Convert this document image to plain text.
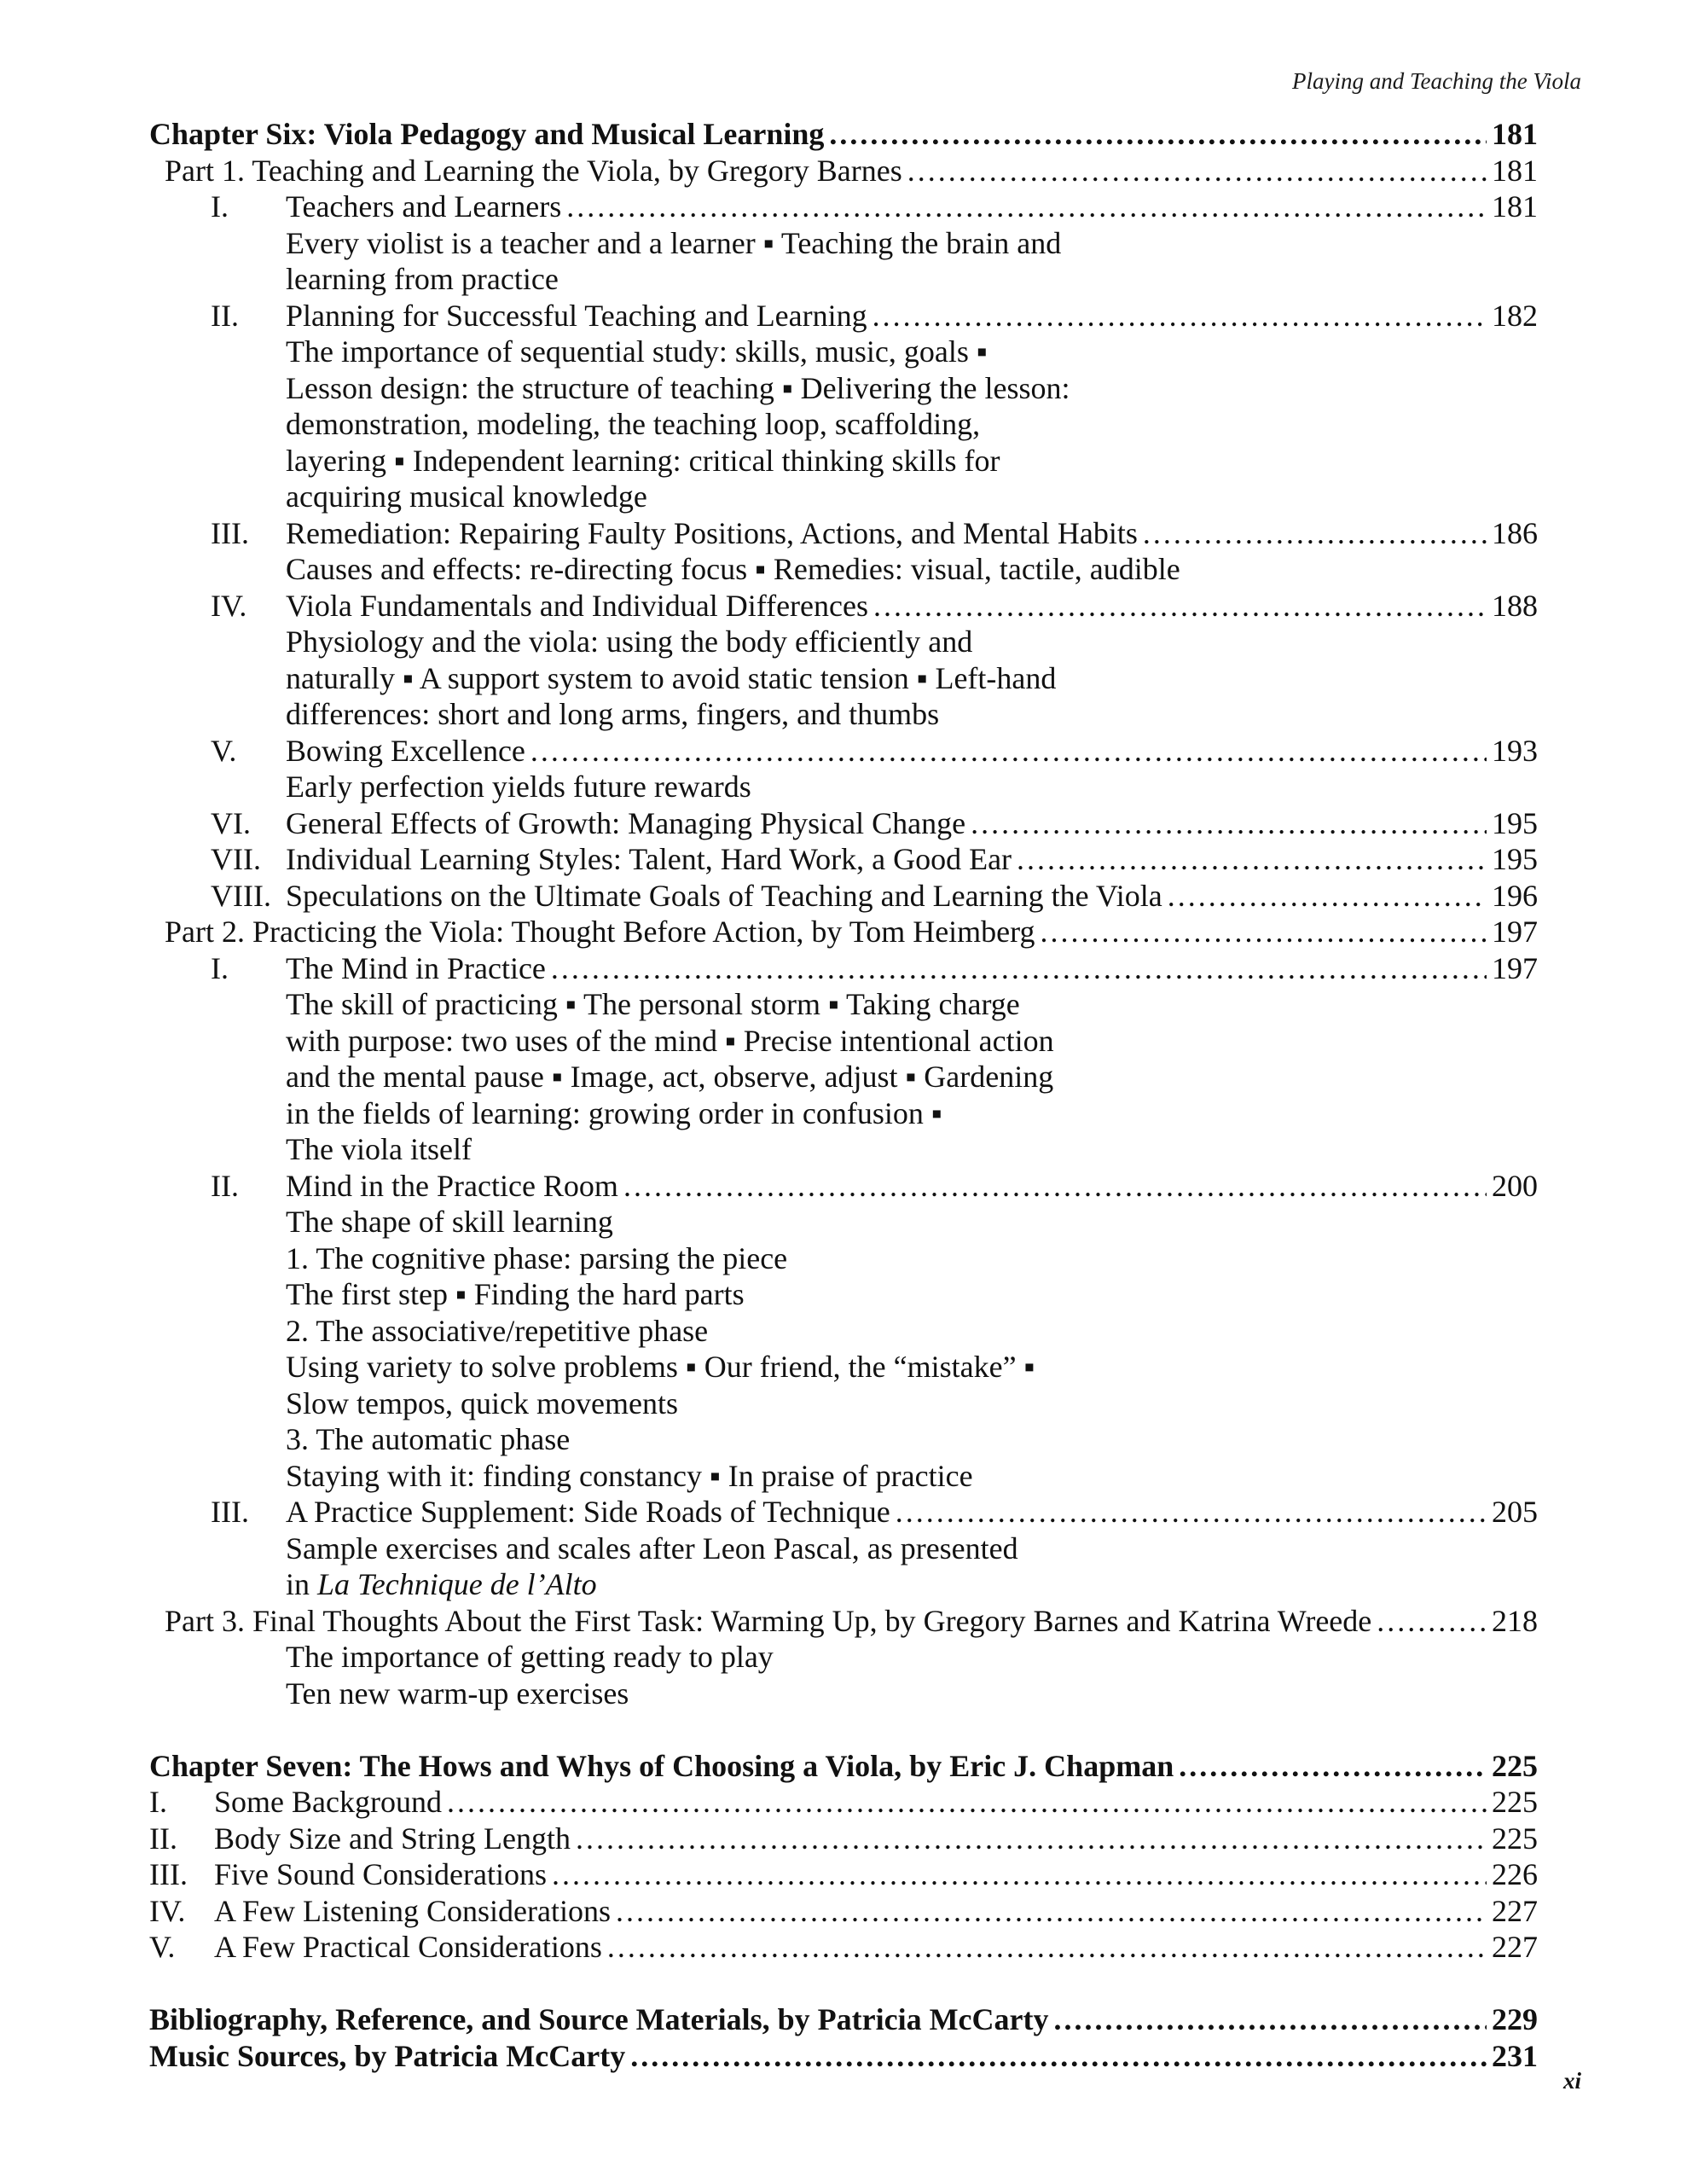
Playing and Teaching the Viola
Chapter Six: Viola Pedagogy and Musical Learning . . .	181
Part 1. Teaching and Learning the Viola, by Gregory Barnes . . .	181
I.	Teachers and Learners . . .	181
Every violist is a teacher and a learner ▪ Teaching the brain and
learning from practice
II.	Planning for Successful Teaching and Learning . . .	182
The importance of sequential study: skills, music, goals ▪
Lesson design: the structure of teaching ▪ Delivering the lesson:
demonstration, modeling, the teaching loop, scaffolding,
layering ▪ Independent learning: critical thinking skills for
acquiring musical knowledge
III.	Remediation: Repairing Faulty Positions, Actions, and Mental Habits . . .	186
Causes and effects: re-directing focus ▪ Remedies: visual, tactile, audible
IV.	Viola Fundamentals and Individual Differences . . .	188
Physiology and the viola: using the body efficiently and
naturally ▪ A support system to avoid static tension ▪ Left-hand
differences: short and long arms, fingers, and thumbs
V.	Bowing Excellence . . .	193
Early perfection yields future rewards
VI.	General Effects of Growth: Managing Physical Change . . .	195
VII. Individual Learning Styles: Talent, Hard Work, a Good Ear . . .	195
VIII. Speculations on the Ultimate Goals of Teaching and Learning the Viola . . .	196
Part 2. Practicing the Viola: Thought Before Action, by Tom Heimberg . . .	197
I.	The Mind in Practice . . .	197
The skill of practicing ▪ The personal storm ▪ Taking charge
with purpose: two uses of the mind ▪ Precise intentional action
and the mental pause ▪ Image, act, observe, adjust ▪ Gardening
in the fields of learning: growing order in confusion ▪
The viola itself
II.	Mind in the Practice Room . . .	200
The shape of skill learning
1. The cognitive phase: parsing the piece
The first step ▪ Finding the hard parts
2. The associative/repetitive phase
Using variety to solve problems ▪ Our friend, the “mistake” ▪
Slow tempos, quick movements
3. The automatic phase
Staying with it: finding constancy ▪ In praise of practice
III.	A Practice Supplement: Side Roads of Technique . . .	205
Sample exercises and scales after Leon Pascal, as presented
in La Technique de l’Alto
Part 3. Final Thoughts About the First Task: Warming Up, by Gregory Barnes and Katrina Wreede . . .	218
The importance of getting ready to play
Ten new warm-up exercises
Chapter Seven: The Hows and Whys of Choosing a Viola, by Eric J. Chapman . . .	225
I.	Some Background . . .	225
II.	Body Size and String Length . . .	225
III. Five Sound Considerations . . .	226
IV. A Few Listening Considerations . . .	227
V.	A Few Practical Considerations . . .	227
Bibliography, Reference, and Source Materials, by Patricia McCarty . . .	229
Music Sources, by Patricia McCarty . . .	231
xi
